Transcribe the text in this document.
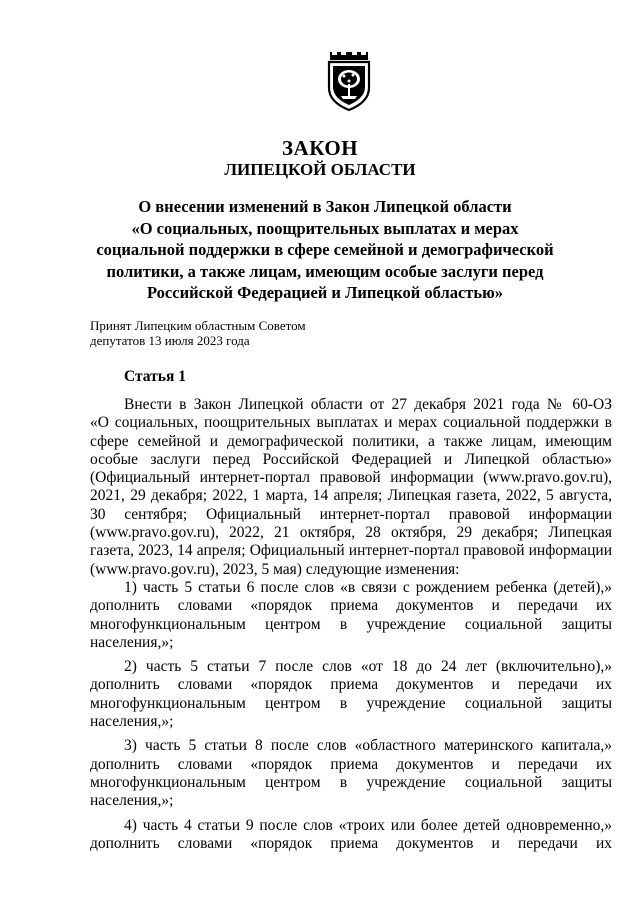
ЗАКОН
ЛИПЕЦКОЙ ОБЛАСТИ
О внесении изменений в Закон Липецкой области
«О социальных, поощрительных выплатах и мерах
социальной поддержки в сфере семейной и демографической
политики, а также лицам, имеющим особые заслуги перед
Российской Федерацией и Липецкой областью»
Принят Липецким областным Советом
депутатов 13 июля 2023 года
Статья 1
Внести в Закон Липецкой области от 27 декабря 2021 года № 60-ОЗ
«О социальных, поощрительных выплатах и мерах социальной поддержки в
сфере семейной и демографической политики, а также лицам, имеющим
особые заслуги перед Российской Федерацией и Липецкой областью»
(Официальный интернет-портал правовой информации (www.pravo.gov.ru),
2021, 29 декабря; 2022, 1 марта, 14 апреля; Липецкая газета, 2022, 5 августа,
30 сентября; Официальный интернет-портал правовой информации
(www.pravo.gov.ru), 2022, 21 октября, 28 октября, 29 декабря; Липецкая
газета, 2023, 14 апреля; Официальный интернет-портал правовой информации
(www.pravo.gov.ru), 2023, 5 мая) следующие изменения:
1) часть 5 статьи 6 после слов «в связи с рождением ребенка (детей),»
дополнить словами «порядок приема документов и передачи их
многофункциональным центром в учреждение социальной защиты
населения,»;
2) часть 5 статьи 7 после слов «от 18 до 24 лет (включительно),»
дополнить словами «порядок приема документов и передачи их
многофункциональным центром в учреждение социальной защиты
населения,»;
3) часть 5 статьи 8 после слов «областного материнского капитала,»
дополнить словами «порядок приема документов и передачи их
многофункциональным центром в учреждение социальной защиты
населения,»;
4) часть 4 статьи 9 после слов «троих или более детей одновременно,»
дополнить словами «порядок приема документов и передачи их
